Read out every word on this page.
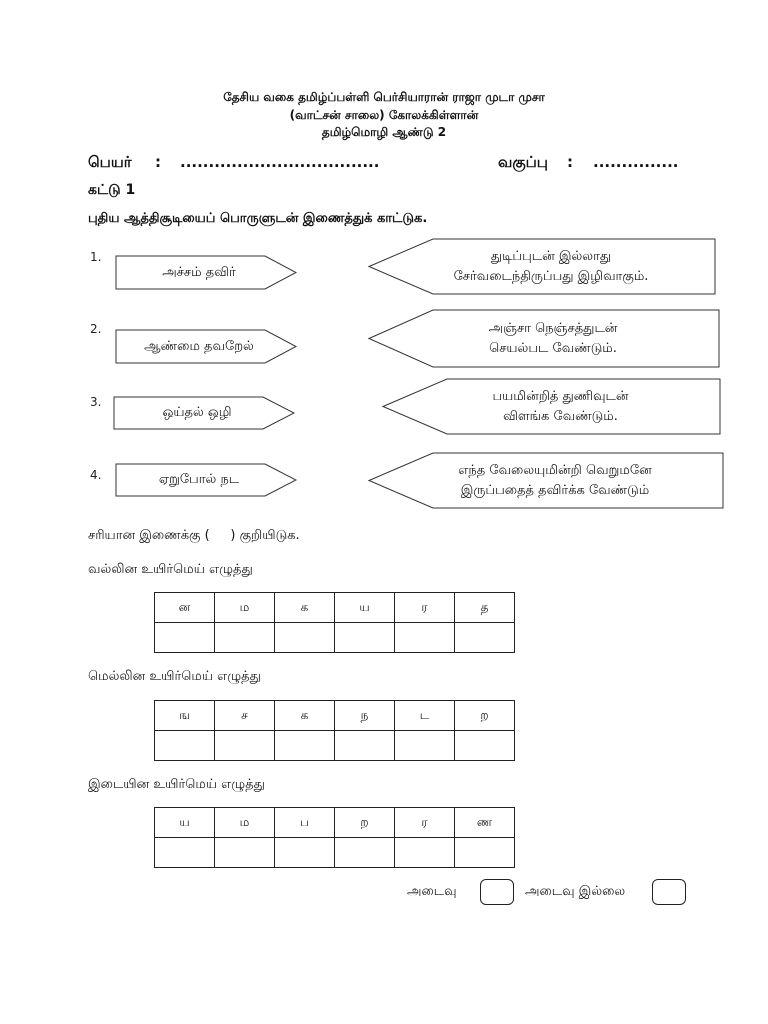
தேசிய வகை தமிழ்ப்பள்ளி பெர்சியாரான் ராஜா முடா முசா
(வாட்சன் சாலை) கோலக்கிள்ளான்
தமிழ்மொழி ஆண்டு 2
பெயர் : ...................................	வகுப்பு : ...............
கட்டு 1
புதிய ஆத்திசூடியைப் பொருளுடன் இணைத்துக் காட்டுக.
1.
அச்சம் தவிர்
துடிப்புடன் இல்லாது
சேர்வடைந்திருப்பது இழிவாகும்.
2.
ஆண்மை தவறேல்
அஞ்சா நெஞ்சத்துடன்
செயல்பட வேண்டும்.
3.
ஒய்தல் ஒழி
பயமின்றித் துணிவுடன்
விளங்க வேண்டும்.
4.	ஏறுபோல் நட
எந்த வேலையுமின்றி வெறுமனே
இருப்பதைத் தவிர்க்க வேண்டும்
சரியான இணைக்கு (     ) குறியிடுக.
வல்லின உயிர்மெய் எழுத்து
ன	ம	க	ய	ர	த

மெல்லின உயிர்மெய் எழுத்து
ங	ச	க	ந	ட	ற

இடையின உயிர்மெய் எழுத்து
ய	ம	ப	ற	ர	ண

அடைவு	அடைவு இல்லை
